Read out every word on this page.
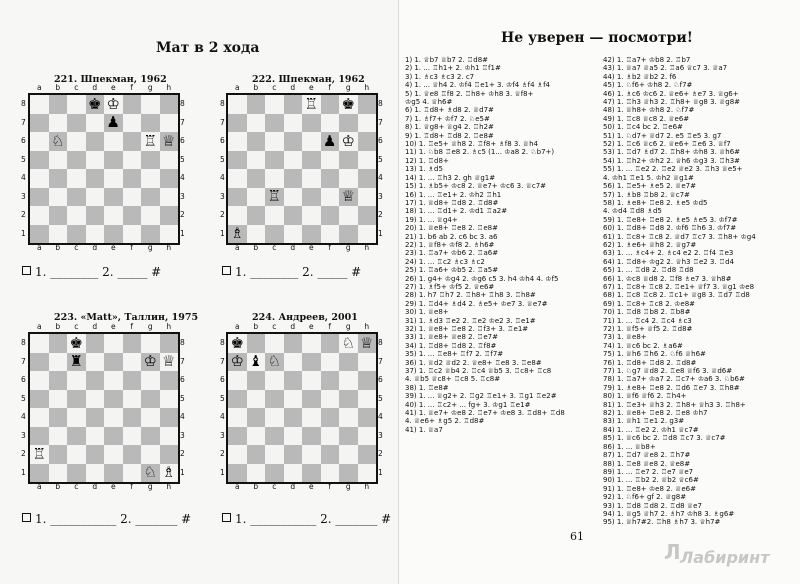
Мат в 2 хода
221. Шпекман, 1962
a	b	c	d	e	f	g	h
8
7
6
5
4
3
2
1
♚ ♔
♟
♘	♖ ♕
8
7
6
5
4
3
2
1
a	b	c	d	e	f	g	h
1. ________ 2. _____ #
222. Шпекман, 1962
a	b	c	d	e	f	g	h
8
7
6
5
4
3
2
1
♖ ♚
♟ ♔
♖	♕
♗
8
7
6
5
4
3
2
1
a	b	c	d	e	f	g	h
1. ________ 2. _____ #
223. «Matt», Таллин, 1975
a	b	c	d	e	f	g	h
8
7
6
5
4
3
2
1
♚
♜	♔ ♕
♖
♘ ♗
8
7
6
5
4
3
2
1
a	b	c	d	e	f	g	h
1. ___________ 2. _______ #
224. Андреев, 2001
a	b	c	d	e	f	g	h
8
7
6
5
4
3
2
1
♚	♘ ♕
♔ ♝ ♘
8
7
6
5
4
3
2
1
a	b	c	d	e	f	g	h
1. ___________ 2. _______ #
Не уверен — посмотри!
1) 1. ♕b7 ♕b7 2. ♖d8#
2) 1. ... ♖h1+ 2. ♔h1 ♖f1#
3) 1. ♗c3 ♗c3 2. c7
4) 1. ... ♕h4 2. ♔f4 ♖e1+ 3. ♔f4 ♗f4 ♗f4
5) 1. ♕e8 ♖f8 2. ♖h8+ ♔h8 3. ♕f8+
♔g5 4. ♕h6#
6) 1. ♖d8+ ♗d8 2. ♕d7#
7) 1. ♗f7+ ♔f7 2. ♘e5#
8) 1. ♕g8+ ♕g4 2. ♖h2#
9) 1. ♖d8+ ♖d8 2. ♖e8#
10) 1. ♖e5+ ♕h8 2. ♖f8+ ♗f8 3. ♕h4
11) 1. ♘b8 ♖e8 2. ♗c5 (1... ♔a8 2. ♘b7+)
12) 1. ♖d8+
13) 1. ♗d5
14) 1. ... ♖h3 2. gh ♕g1#
15) 1. ♗b5+ ♔c8 2. ♕e7+ ♔c6 3. ♕c7#
16) 1. ... ♖e1+ 2. ♔h2 ♖h1
17) 1. ♕d8+ ♖d8 2. ♖d8#
18) 1. ... ♖d1+ 2. ♔d1 ♖a2#
19) 1. ... ♕g4+
20) 1. ♕e8+ ♖e8 2. ♖e8#
21) 1. b6 ab 2. c6 bc 3. a6
22) 1. ♕f8+ ♔f8 2. ♗h6#
23) 1. ♖a7+ ♔b6 2. ♖a6#
24) 1. ... ♖c2 ♗c3 ♗c2
25) 1. ♖a6+ ♔b5 2. ♖a5#
26) 1. g4+ ♔g4 2. ♔g6 c5 3. h4 ♔h4 4. ♔f5
27) 1. ♗f5+ ♔f5 2. ♕e6#
28) 1. h7 ♖h7 2. ♖h8+ ♖h8 3. ♖h8#
29) 1. ♖d4+ ♗d4 2. ♗e5+ ♔e7 3. ♕e7#
30) 1. ♕e8+
31) 1. ♗d3 ♖e2 2. ♖e2 ♔e2 3. ♖e1#
32) 1. ♕e8+ ♖e8 2. ♖f3+ 3. ♖e1#
33) 1. ♕e8+ ♕e8 2. ♖e7#
34) 1. ♖d8+ ♖d8 2. ♖f8#
35) 1. ... ♖e8+ ♖f7 2. ♖f7#
36) 1. ♕d2 ♕d2 2. ♕e8+ ♖e8 3. ♖e8#
37) 1. ♖c2 ♕b4 2. ♖c4 ♕b5 3. ♖c8+ ♖c8
4. ♕b5 ♕c8+ ♖c8 5. ♖c8#
38) 1. ♖e8#
39) 1. ... ♕g2+ 2. ♖g2 ♖e1+ 3. ♖g1 ♖e2#
40) 1. ... ♖c2+ ... fg+ 3. ♔g1 ♖e1#
41) 1. ♕e7+ ♔e8 2. ♖e7+ ♔e8 3. ♖d8+ ♖d8
4. ♕e6+ ♗g5 2. ♖d8#
41) 1. ♕a7
42) 1. ♖a7+ ♔b8 2. ♖b7
43) 1. ♕a7 ♕a5 2. ♖a6 ♕c7 3. ♕a7
44) 1. ♗b2 ♕b2 2. f6
45) 1. ♘f6+ ♔h8 2. ♘f7#
46) 1. ♗c6 ♔c6 2. ♕e6+ ♗e7 3. ♕g6+
47) 1. ♖h3 ♕h3 2. ♖h8+ ♕g8 3. ♕g8#
48) 1. ♕h8+ ♔h8 2. ♘f7#
49) 1. ♖c8 ♕c8 2. ♕e6#
50) 1. ♖c4 bc 2. ♖e6#
51) 1. ♘d7+ ♕d7 2. e5 ♖e5 3. g7
52) 1. ♖c6 ♕c6 2. ♕e6+ ♖e6 3. ♕f7
53) 1. ♖d7 ♗d7 2. ♖h8+ ♔h8 3. ♕h6#
54) 1. ♖h2+ ♔h2 2. ♕h6 ♔g3 3. ♖h3#
55) 1. ... ♖e2 2. ♖e2 ♕e2 3. ♖h3 ♕e5+
4. ♔h1 ♖e1 5. ♔h2 ♕g1#
56) 1. ♖e5+ ♗e5 2. ♕e7#
57) 1. ♗b8 ♖b8 2. ♕c7#
58) 1. ♗e8+ ♖e8 2. ♗e5 ♔d5
4. ♔d4 ♖d8 ♗d5
59) 1. ♖e8+ ♖e8 2. ♗e5 ♗e5 3. ♔f7#
60) 1. ♖d8+ ♖d8 2. ♔f6 ♖h6 3. ♔f7#
61) 1. ♖c8+ ♖c8 2. ♕d7 ♖c7 3. ♖h8+ ♔g4
62) 1. ♗e6+ ♕h8 2. ♕g7#
63) 1. ... ♗c4+ 2. ♗c4 e2 2. ♖f4 ♖e3
64) 1. ♖d8+ ♔g2 2. ♕h3 ♖e2 3. ♖d4
65) 1. ... ♖d8 2. ♖d8 ♖d8
66) 1. ♔c8 ♕d8 2. ♖f8 ♗e7 3. ♕h8#
67) 1. ♖c8+ ♖c8 2. ♖e1+ ♕f7 3. ♕g1 ♔e8
68) 1. ♖c8 ♖c8 2. ♖c1+ ♕g8 3. ♖d7 ♖d8
69) 1. ♖c8+ ♖c8 2. ♔e8#
70) 1. ♖d8 ♖b8 2. ♖b8#
71) 1. ... ♖c4 2. ♖c4 ♗c3
72) 1. ♕f5+ ♕f5 2. ♖d8#
73) 1. ♕e8+
74) 1. ♕c6 bc 2. ♗a6#
75) 1. ♕h6 ♖h6 2. ♘f6 ♕h6#
76) 1. ♖d8+ ♖d8 2. ♖d8#
77) 1. ♘g7 ♕d8 2. ♖e8 ♕f6 3. ♕d6#
78) 1. ♖a7+ ♔a7 2. ♖c7+ ♔a6 3. ♘b6#
79) 1. ♗e8+ ♖e8 2. ♖d6 ♖e7 3. ♖h8#
80) 1. ♕f6 ♕f6 2. ♖h4+
81) 1. ♖e3+ ♕h3 2. ♖h8+ ♕h3 3. ♖h8+
82) 1. ♕e8+ ♖e8 2. ♖e8 ♔h7
83) 1. ♕h1 ♖e1 2. g3#
84) 1. ... ♖e2 2. ♔h1 ♕c7#
85) 1. ♕c6 bc 2. ♖d8 ♖c7 3. ♕c7#
86) 1. ... ♕b8+
87) 1. ♖d7 ♕e8 2. ♖h7#
88) 1. ♖e8 ♕e8 2. ♕e8#
89) 1. ... ♖e7 2. ♖e7 ♕e7
90) 1. ... ♖b2 2. ♕b2 ♕c6#
91) 1. ♖e8+ ♔e8 2. ♕e6#
92) 1. ♘f6+ gf 2. ♕g8#
93) 1. ♖d8 ♖d8 2. ♖d8 ♕e7
94) 1. ♕g5 ♕h7 2. ♗h7 ♔h8 3. ♗g6#
95) 1. ♕h7#2. ♖h8 ♗h7 3. ♕h7#
61
Л Лабиринт
